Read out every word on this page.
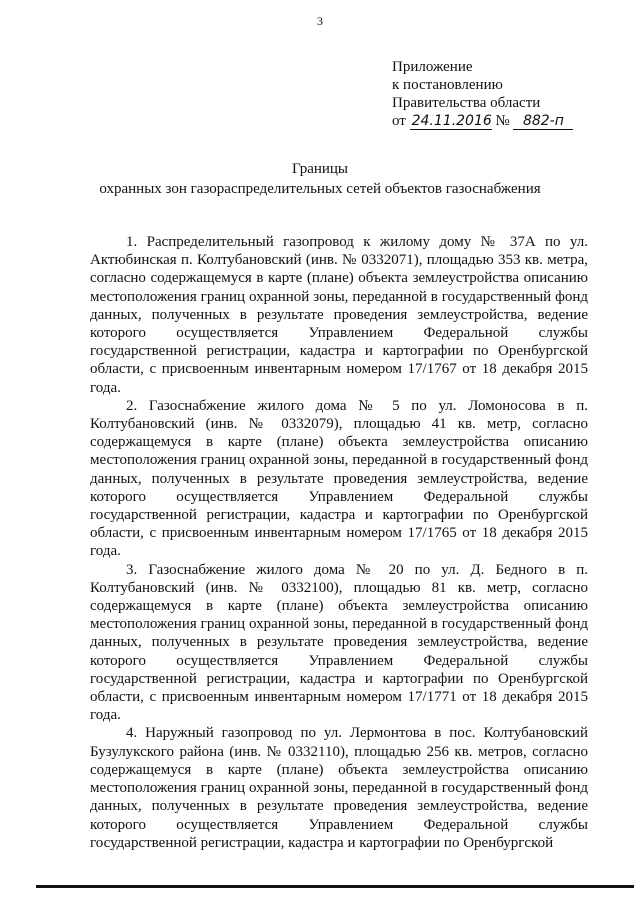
3
Приложение
к постановлению
Правительства области
от 24.11.2016 № 882-п
Границы
охранных зон газораспределительных сетей объектов газоснабжения

1. Распределительный газопровод к жилому дому № 37А по ул. Актюбинская п. Колтубановский (инв. № 0332071), площадью 353 кв. метра, согласно содержащемуся в карте (плане) объекта землеустройства описанию местоположения границ охранной зоны, переданной в государственный фонд данных, полученных в результате проведения землеустройства, ведение которого осуществляется Управлением Федеральной службы государственной регистрации, кадастра и картографии по Оренбургской области, с присвоенным инвентарным номером 17/1767 от 18 декабря 2015 года.

2. Газоснабжение жилого дома № 5 по ул. Ломоносова в п. Колтубановский (инв. № 0332079), площадью 41 кв. метр, согласно содержащемуся в карте (плане) объекта землеустройства описанию местоположения границ охранной зоны, переданной в государственный фонд данных, полученных в результате проведения землеустройства, ведение которого осуществляется Управлением Федеральной службы государственной регистрации, кадастра и картографии по Оренбургской области, с присвоенным инвентарным номером 17/1765 от 18 декабря 2015 года.

3. Газоснабжение жилого дома № 20 по ул. Д. Бедного в п. Колтубановский (инв. № 0332100), площадью 81 кв. метр, согласно содержащемуся в карте (плане) объекта землеустройства описанию местоположения границ охранной зоны, переданной в государственный фонд данных, полученных в результате проведения землеустройства, ведение которого осуществляется Управлением Федеральной службы государственной регистрации, кадастра и картографии по Оренбургской области, с присвоенным инвентарным номером 17/1771 от 18 декабря 2015 года.

4. Наружный газопровод по ул. Лермонтова в пос. Колтубановский Бузулукского района (инв. № 0332110), площадью 256 кв. метров, согласно содержащемуся в карте (плане) объекта землеустройства описанию местоположения границ охранной зоны, переданной в государственный фонд данных, полученных в результате проведения землеустройства, ведение которого осуществляется Управлением Федеральной службы государственной регистрации, кадастра и картографии по Оренбургской
